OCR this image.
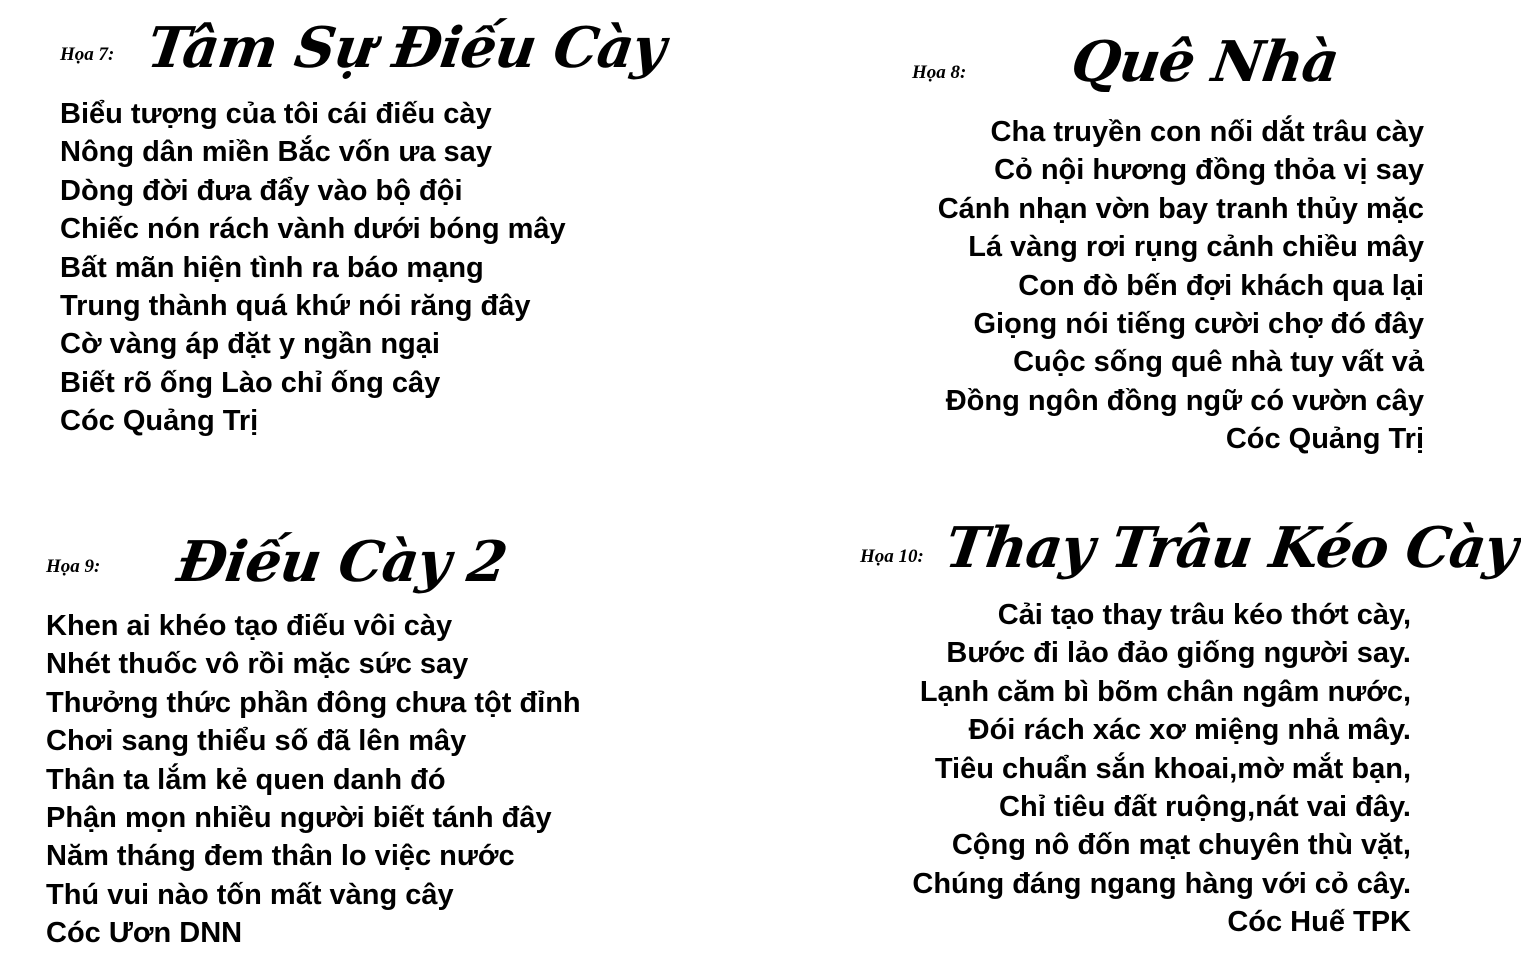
Họa 7: Tâm Sự Điếu Cày
Biểu tượng của tôi cái điếu cày
Nông dân miền Bắc vốn ưa say
Dòng đời đưa đẩy vào bộ đội
Chiếc nón rách vành dưới bóng mây
Bất mãn hiện tình ra báo mạng
Trung thành quá khứ nói răng đây
Cờ vàng áp đặt y ngần ngại
Biết rõ ống Lào chỉ ống cây
Cóc Quảng Trị
Họa 8: Quê Nhà
Cha truyền con nối dắt trâu cày
Cỏ nội hương đồng thỏa vị say
Cánh nhạn vờn bay tranh thủy mặc
Lá vàng rơi rụng cảnh chiều mây
Con đò bến đợi khách qua lại
Giọng nói tiếng cười chợ đó đây
Cuộc sống quê nhà tuy vất vả
Đồng ngôn đồng ngữ có vườn cây
Cóc Quảng Trị
Họa 9: Điếu Cày 2
Khen ai khéo tạo điếu vôi cày
Nhét thuốc vô rồi mặc sức say
Thưởng thức phần đông chưa tột đỉnh
Chơi sang thiểu số đã lên mây
Thân ta lắm kẻ quen danh đó
Phận mọn nhiều người biết tánh đây
Năm tháng đem thân lo việc nước
Thú vui nào tốn mất vàng cây
Cóc Ươn DNN
Họa 10: Thay Trâu Kéo Cày
Cải tạo thay trâu kéo thớt cày,
Bước đi lảo đảo giống người say.
Lạnh căm bì bõm chân ngâm nước,
Đói rách xác xơ miệng nhả mây.
Tiêu chuẩn sắn khoai,mờ mắt bạn,
Chỉ tiêu đất ruộng,nát vai đây.
Cộng nô đốn mạt chuyên thù vặt,
Chúng đáng ngang hàng với cỏ cây.
Cóc Huế TPK
